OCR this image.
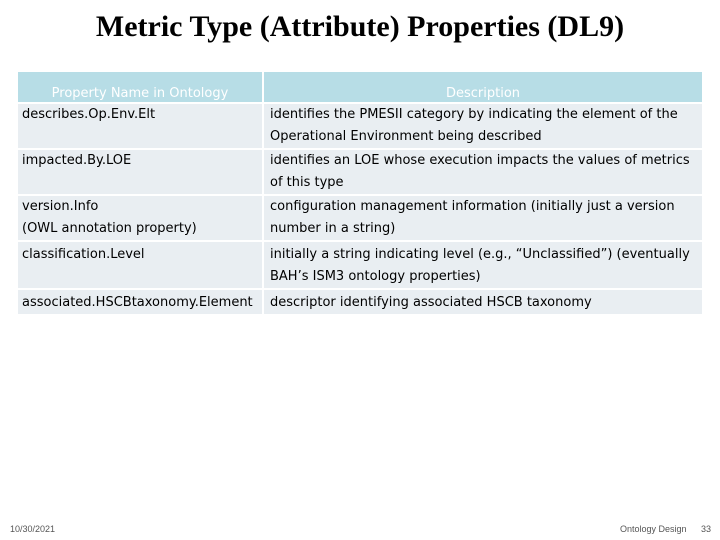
Metric Type (Attribute) Properties (DL9)
Property Name in Ontology	Description
describes.Op.Env.Elt	identifies the PMESII category by indicating the element of the Operational Environment being described
impacted.By.LOE	identifies an LOE whose execution impacts the values of metrics of this type
version.Info
(OWL annotation property)	configuration management information (initially just a version number in a string)
classification.Level	initially a string indicating level (e.g., “Unclassified”) (eventually BAH’s ISM3 ontology properties)
associated.HSCBtaxonomy.Element	descriptor identifying associated HSCB taxonomy
10/30/2021	Ontology Design 33
